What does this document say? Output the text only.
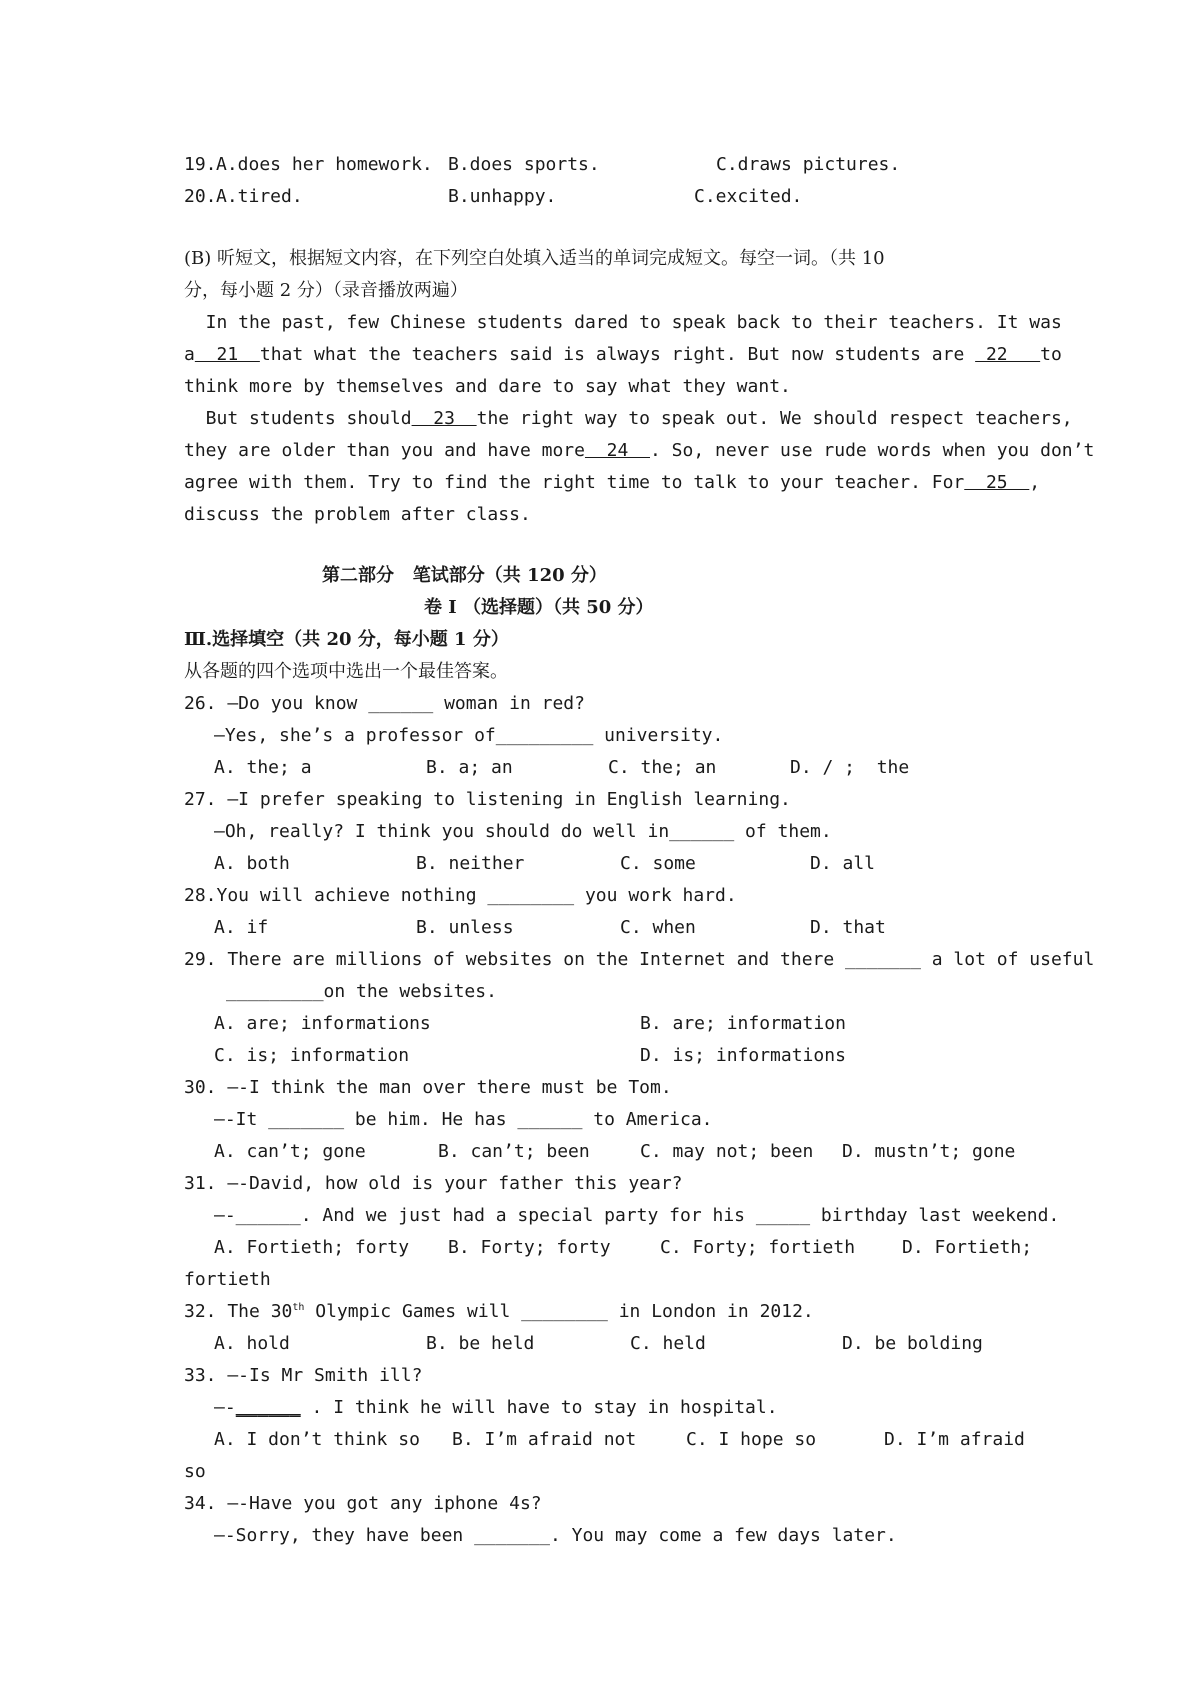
19. A.does her homework. B.does sports.	C.draws pictures.
20. A.tired.	B.unhappy.	C.excited.
(B) 听短文，根据短文内容，在下列空白处填入适当的单词完成短文。每空一词。（共 10
分，每小题 2 分）（录音播放两遍）
In the past, few Chinese students dared to speak back to their teachers. It was
a  21  that what the teachers said is always right. But now students are  22   to
think more by themselves and dare to say what they want.
But students should  23  the right way to speak out. We should respect teachers,
they are older than you and have more  24  . So, never use rude words when you don’t
agree with them. Try to find the right time to talk to your teacher. For  25  ,
discuss the problem after class.
第二部分   笔试部分（共 120 分）
卷 I （选择题）（共 50 分）
Ⅲ.选择填空（共 20 分，每小题 1 分）
从各题的四个选项中选出一个最佳答案。
26. —Do you know ______ woman in red?
—Yes, she’s a professor of_________ university.
A. the; a	B. a; an	C. the; an	D. / ;  the
27. —I prefer speaking to listening in English learning.
—Oh, really? I think you should do well in______ of them.
A. both	B. neither	C. some	D. all
28.You will achieve nothing ________ you work hard.
A. if	B. unless	C. when	D. that
29. There are millions of websites on the Internet and there _______ a lot of useful
_________on the websites.
A. are; informations	B. are; information
C. is; information	D. is; informations
30. —-I think the man over there must be Tom.
—-It _______ be him. He has ______ to America.
A. can’t; gone	B. can’t; been	C. may not; been D. mustn’t; gone
31. —-David, how old is your father this year?
—-______. And we just had a special party for his _____ birthday last weekend.
A. Fortieth; forty B. Forty; forty	C. Forty; fortieth	D. Fortieth;
fortieth
32. The 30th Olympic Games will ________ in London in 2012.
A. hold	B. be held	C. held	D. be bolding
33. —-Is Mr Smith ill?
—-______ . I think he will have to stay in hospital.
A. I don’t think so B. I’m afraid not	C. I hope so	D. I’m afraid
so
34. —-Have you got any iphone 4s?
—-Sorry, they have been _______. You may come a few days later.
